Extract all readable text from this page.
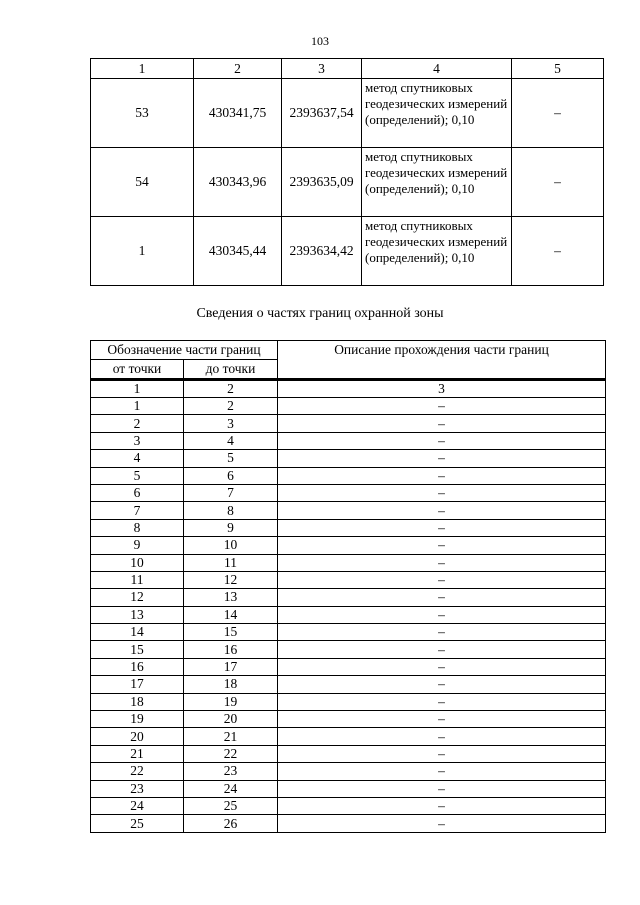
103
1	2	3	4	5
53	430341,75	2393637,54	метод спутниковых геодезических измерений (определений); 0,10	–
54	430343,96	2393635,09	метод спутниковых геодезических измерений (определений); 0,10	–
1	430345,44	2393634,42	метод спутниковых геодезических измерений (определений); 0,10	–
Сведения о частях границ охранной зоны
Обозначение части границ		Описание прохождения части границ
от точки	до точки	
1	2	3
1	2	–
2	3	–
3	4	–
4	5	–
5	6	–
6	7	–
7	8	–
8	9	–
9	10	–
10	11	–
11	12	–
12	13	–
13	14	–
14	15	–
15	16	–
16	17	–
17	18	–
18	19	–
19	20	–
20	21	–
21	22	–
22	23	–
23	24	–
24	25	–
25	26	–
